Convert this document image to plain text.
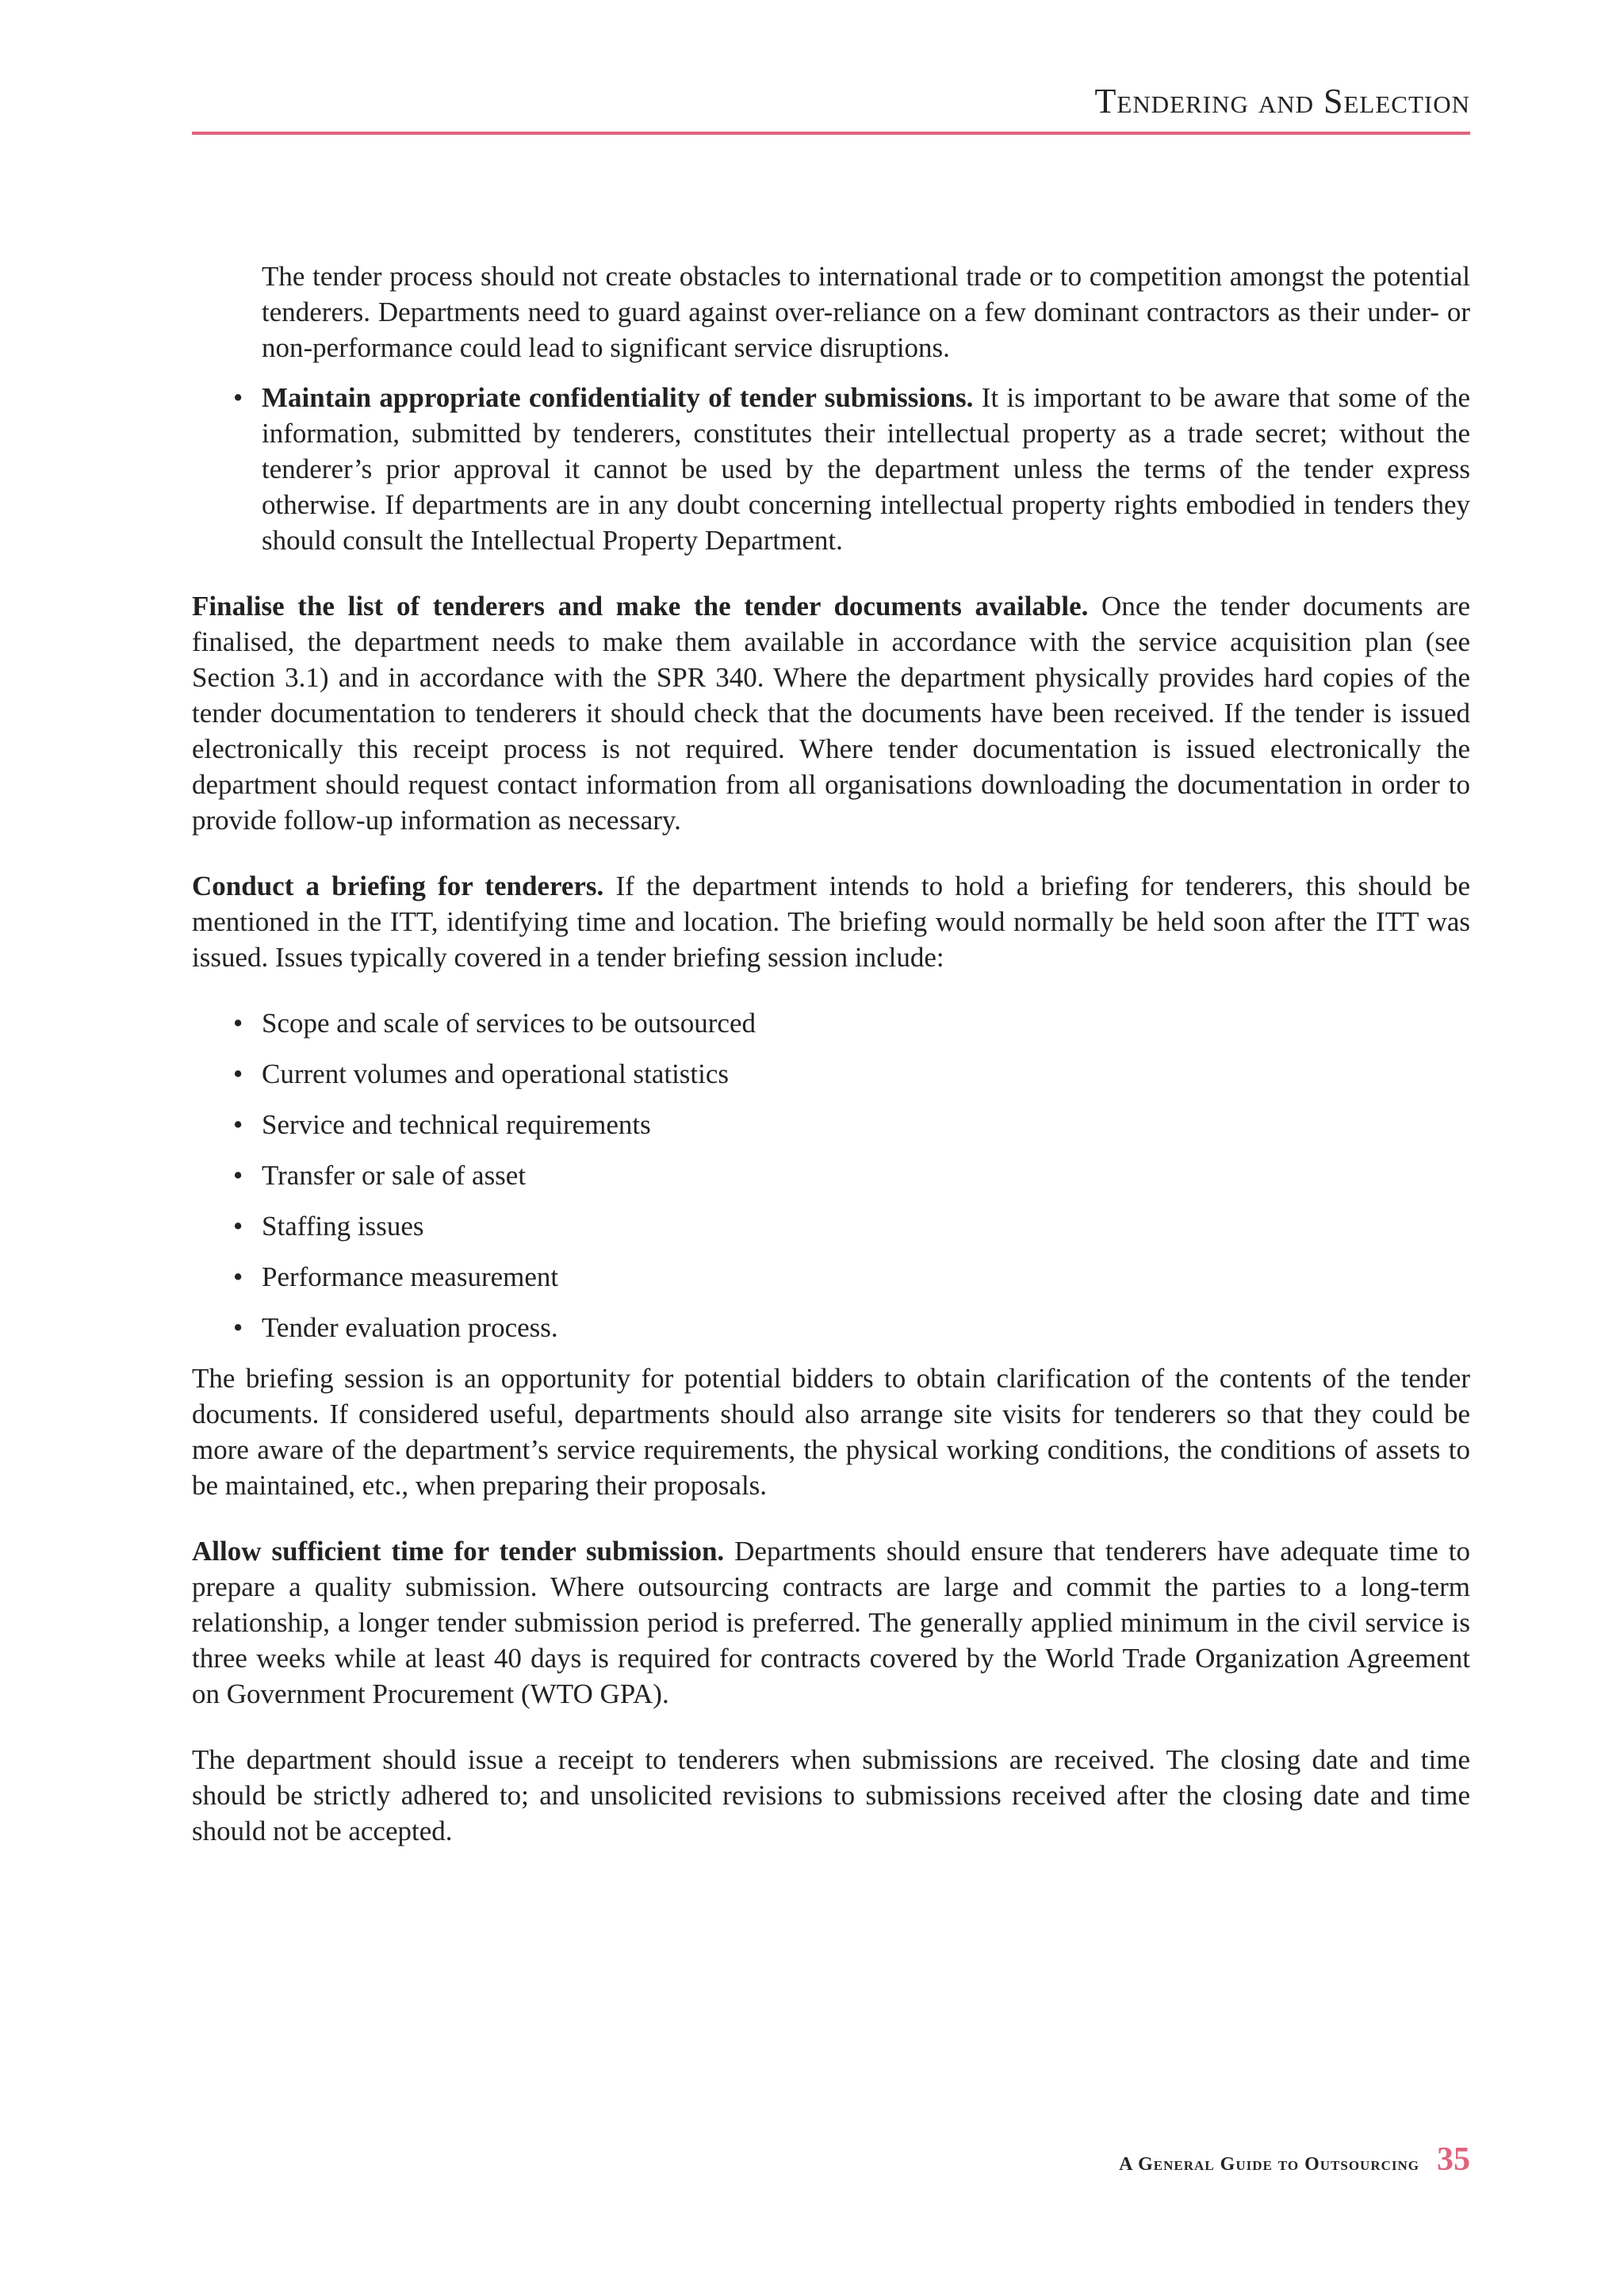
Tendering and Selection

The tender process should not create obstacles to international trade or to competition amongst the potential tenderers. Departments need to guard against over-reliance on a few dominant contractors as their under- or non-performance could lead to significant service disruptions.

• Maintain appropriate confidentiality of tender submissions. It is important to be aware that some of the information, submitted by tenderers, constitutes their intellectual property as a trade secret; without the tenderer’s prior approval it cannot be used by the department unless the terms of the tender express otherwise. If departments are in any doubt concerning intellectual property rights embodied in tenders they should consult the Intellectual Property Department.

Finalise the list of tenderers and make the tender documents available. Once the tender documents are finalised, the department needs to make them available in accordance with the service acquisition plan (see Section 3.1) and in accordance with the SPR 340. Where the department physically provides hard copies of the tender documentation to tenderers it should check that the documents have been received. If the tender is issued electronically this receipt process is not required. Where tender documentation is issued electronically the department should request contact information from all organisations downloading the documentation in order to provide follow-up information as necessary.

Conduct a briefing for tenderers. If the department intends to hold a briefing for tenderers, this should be mentioned in the ITT, identifying time and location. The briefing would normally be held soon after the ITT was issued. Issues typically covered in a tender briefing session include:

• Scope and scale of services to be outsourced
• Current volumes and operational statistics
• Service and technical requirements
• Transfer or sale of asset
• Staffing issues
• Performance measurement
• Tender evaluation process.

The briefing session is an opportunity for potential bidders to obtain clarification of the contents of the tender documents. If considered useful, departments should also arrange site visits for tenderers so that they could be more aware of the department’s service requirements, the physical working conditions, the conditions of assets to be maintained, etc., when preparing their proposals.

Allow sufficient time for tender submission. Departments should ensure that tenderers have adequate time to prepare a quality submission. Where outsourcing contracts are large and commit the parties to a long-term relationship, a longer tender submission period is preferred. The generally applied minimum in the civil service is three weeks while at least 40 days is required for contracts covered by the World Trade Organization Agreement on Government Procurement (WTO GPA).

The department should issue a receipt to tenderers when submissions are received. The closing date and time should be strictly adhered to; and unsolicited revisions to submissions received after the closing date and time should not be accepted.

A General Guide to Outsourcing 35
